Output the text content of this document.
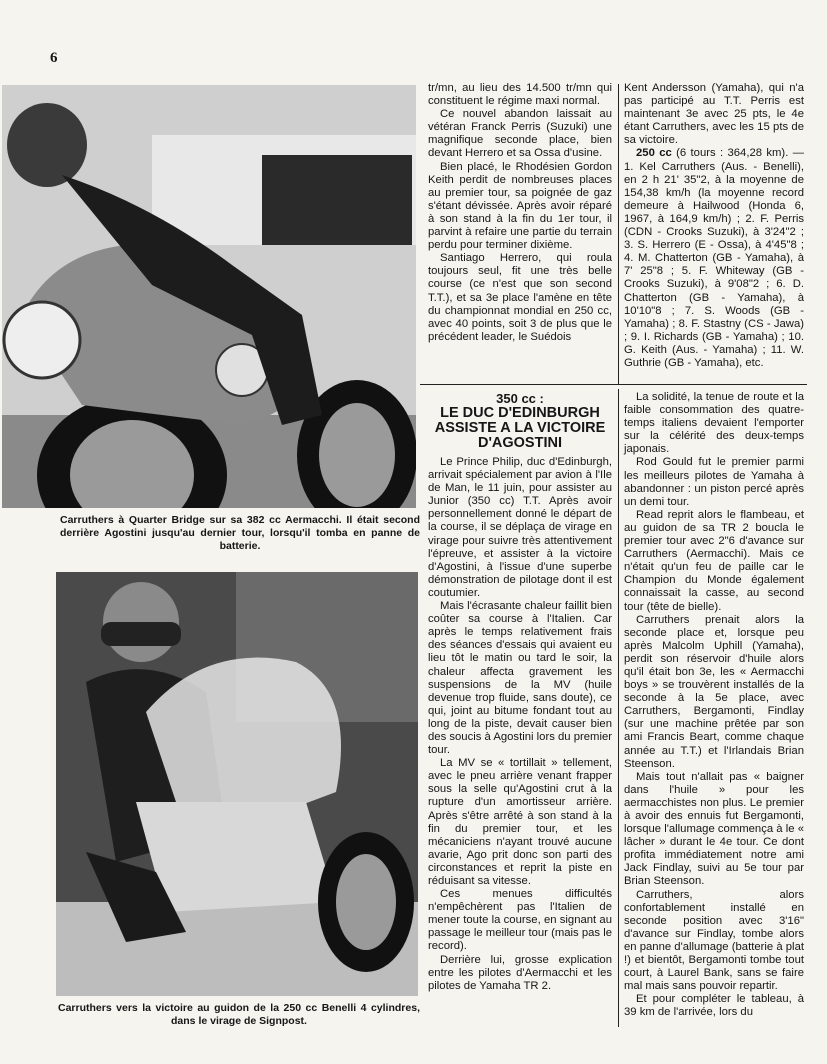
6
Carruthers à Quarter Bridge sur sa 382 cc Aermacchi. Il était second derrière Agostini jusqu'au dernier tour, lorsqu'il tomba en panne de batterie.
Carruthers vers la victoire au guidon de la 250 cc Benelli 4 cylindres, dans le virage de Signpost.

tr/mn, au lieu des 14.500 tr/mn qui constituent le régime maxi normal.

Ce nouvel abandon laissait au vétéran Franck Perris (Suzuki) une magnifique seconde place, bien devant Herrero et sa Ossa d'usine.

Bien placé, le Rhodésien Gordon Keith perdit de nombreuses places au premier tour, sa poignée de gaz s'étant dévissée. Après avoir réparé à son stand à la fin du 1er tour, il parvint à refaire une partie du terrain perdu pour terminer dixième.

Santiago Herrero, qui roula toujours seul, fit une très belle course (ce n'est que son second T.T.), et sa 3e place l'amène en tête du championnat mondial en 250 cc, avec 40 points, soit 3 de plus que le précédent leader, le Suédois

Kent Andersson (Yamaha), qui n'a pas participé au T.T. Perris est maintenant 3e avec 25 pts, le 4e étant Carruthers, avec les 15 pts de sa victoire.

250 cc (6 tours : 364,28 km). — 1. Kel Carruthers (Aus. - Benelli), en 2 h 21' 35"2, à la moyenne de 154,38 km/h (la moyenne record demeure à Hailwood (Honda 6, 1967, à 164,9 km/h) ; 2. F. Perris (CDN - Crooks Suzuki), à 3'24"2 ; 3. S. Herrero (E - Ossa), à 4'45"8 ; 4. M. Chatterton (GB - Yamaha), à 7' 25"8 ; 5. F. Whiteway (GB - Crooks Suzuki), à 9'08"2 ; 6. D. Chatterton (GB - Yamaha), à 10'10"8 ; 7. S. Woods (GB - Yamaha) ; 8. F. Stastny (CS - Jawa) ; 9. I. Richards (GB - Yamaha) ; 10. G. Keith (Aus. - Yamaha) ; 11. W. Guthrie (GB - Yamaha), etc.

350 cc :
LE DUC D'EDINBURGH ASSISTE A LA VICTOIRE D'AGOSTINI

Le Prince Philip, duc d'Edinburgh, arrivait spécialement par avion à l'Ile de Man, le 11 juin, pour assister au Junior (350 cc) T.T. Après avoir personnellement donné le départ de la course, il se déplaça de virage en virage pour suivre très attentivement l'épreuve, et assister à la victoire d'Agostini, à l'issue d'une superbe démonstration de pilotage dont il est coutumier.

Mais l'écrasante chaleur faillit bien coûter sa course à l'Italien. Car après le temps relativement frais des séances d'essais qui avaient eu lieu tôt le matin ou tard le soir, la chaleur affecta gravement les suspensions de la MV (huile devenue trop fluide, sans doute), ce qui, joint au bitume fondant tout au long de la piste, devait causer bien des soucis à Agostini lors du premier tour.

La MV se « tortillait » tellement, avec le pneu arrière venant frapper sous la selle qu'Agostini crut à la rupture d'un amortisseur arrière. Après s'être arrêté à son stand à la fin du premier tour, et les mécaniciens n'ayant trouvé aucune avarie, Ago prit donc son parti des circonstances et reprit la piste en réduisant sa vitesse.

Ces menues difficultés n'empêchèrent pas l'Italien de mener toute la course, en signant au passage le meilleur tour (mais pas le record).

Derrière lui, grosse explication entre les pilotes d'Aermacchi et les pilotes de Yamaha TR 2.

La solidité, la tenue de route et la faible consommation des quatre-temps italiens devaient l'emporter sur la célérité des deux-temps japonais.

Rod Gould fut le premier parmi les meilleurs pilotes de Yamaha à abandonner : un piston percé après un demi tour.

Read reprit alors le flambeau, et au guidon de sa TR 2 boucla le premier tour avec 2"6 d'avance sur Carruthers (Aermacchi). Mais ce n'était qu'un feu de paille car le Champion du Monde également connaissait la casse, au second tour (tête de bielle).

Carruthers prenait alors la seconde place et, lorsque peu après Malcolm Uphill (Yamaha), perdit son réservoir d'huile alors qu'il était bon 3e, les « Aermacchi boys » se trouvèrent installés de la seconde à la 5e place, avec Carruthers, Bergamonti, Findlay (sur une machine prêtée par son ami Francis Beart, comme chaque année au T.T.) et l'Irlandais Brian Steenson.

Mais tout n'allait pas « baigner dans l'huile » pour les aermacchistes non plus. Le premier à avoir des ennuis fut Bergamonti, lorsque l'allumage commença à le « lâcher » durant le 4e tour. Ce dont profita immédiatement notre ami Jack Findlay, suivi au 5e tour par Brian Steenson.

Carruthers, alors confortablement installé en seconde position avec 3'16" d'avance sur Findlay, tombe alors en panne d'allumage (batterie à plat !) et bientôt, Bergamonti tombe tout court, à Laurel Bank, sans se faire mal mais sans pouvoir repartir.

Et pour compléter le tableau, à 39 km de l'arrivée, lors du
